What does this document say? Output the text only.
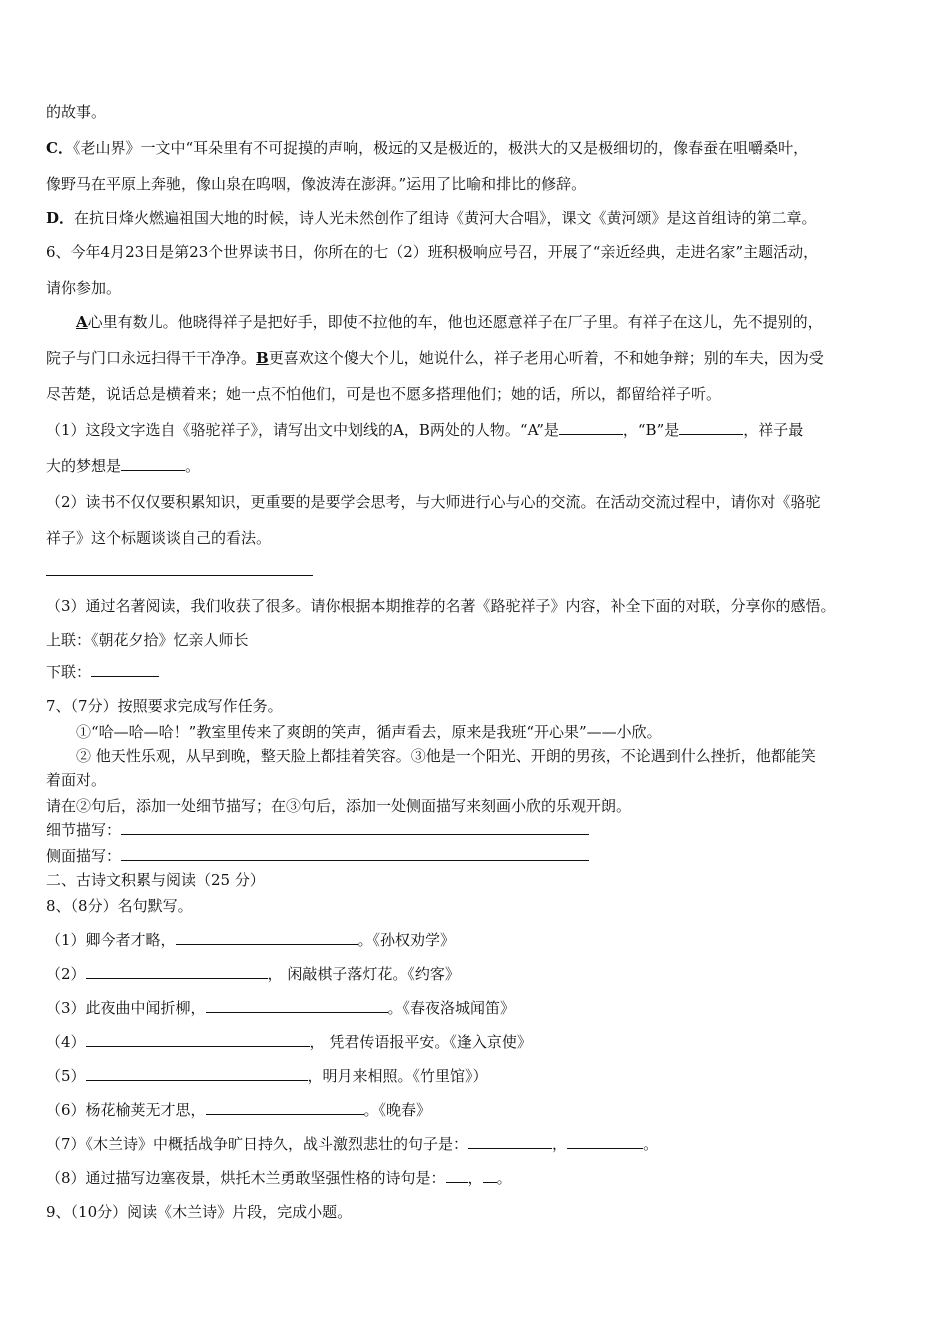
的故事。
C．《老山界》一文中“耳朵里有不可捉摸的声响，极远的又是极近的，极洪大的又是极细切的，像春蚕在咀嚼桑叶，
像野马在平原上奔驰，像山泉在呜咽，像波涛在澎湃。”运用了比喻和排比的修辞。
D．在抗日烽火燃遍祖国大地的时候，诗人光未然创作了组诗《黄河大合唱》，课文《黄河颂》是这首组诗的第二章。
6、今年4月23日是第23个世界读书日，你所在的七（2）班积极响应号召，开展了“亲近经典，走进名家”主题活动，
请你参加。
A心里有数儿。他晓得祥子是把好手，即使不拉他的车，他也还愿意祥子在厂子里。有祥子在这儿，先不提别的，
院子与门口永远扫得干干净净。B更喜欢这个傻大个儿，她说什么，祥子老用心听着，不和她争辩；别的车夫，因为受
尽苦楚，说话总是横着来；她一点不怕他们，可是也不愿多搭理他们；她的话，所以，都留给祥子听。
（1）这段文字选自《骆驼祥子》，请写出文中划线的A，B两处的人物。“A”是	，“B”是	，祥子最
大的梦想是	。
（2）读书不仅仅要积累知识，更重要的是要学会思考，与大师进行心与心的交流。在活动交流过程中，请你对《骆驼
祥子》这个标题谈谈自己的看法。
（3）通过名著阅读，我们收获了很多。请你根据本期推荐的名著《路驼祥子》内容，补全下面的对联，分享你的感悟。
上联：《朝花夕拾》忆亲人师长
下联：
7、（7分）按照要求完成写作任务。
①“哈—哈—哈！”教室里传来了爽朗的笑声，循声看去，原来是我班“开心果”——小欣。
② 他天性乐观，从早到晚，整天脸上都挂着笑容。③他是一个阳光、开朗的男孩，不论遇到什么挫折，他都能笑
着面对。
请在②句后，添加一处细节描写；在③句后，添加一处侧面描写来刻画小欣的乐观开朗。
细节描写：
侧面描写：
二、古诗文积累与阅读（25 分）
8、（8分）名句默写。
（1）卿今者才略，	。《孙权劝学》
（2）	， 闲敲棋子落灯花。《约客》
（3）此夜曲中闻折柳，	。《春夜洛城闻笛》
（4）	， 凭君传语报平安。《逢入京使》
（5）	，明月来相照。《竹里馆》）
（6）杨花榆荚无才思，	。《晚春》
（7）《木兰诗》中概括战争旷日持久，战斗激烈悲壮的句子是：	，	。
（8）通过描写边塞夜景，烘托木兰勇敢坚强性格的诗句是： ， 。
9、（10分）阅读《木兰诗》片段，完成小题。
